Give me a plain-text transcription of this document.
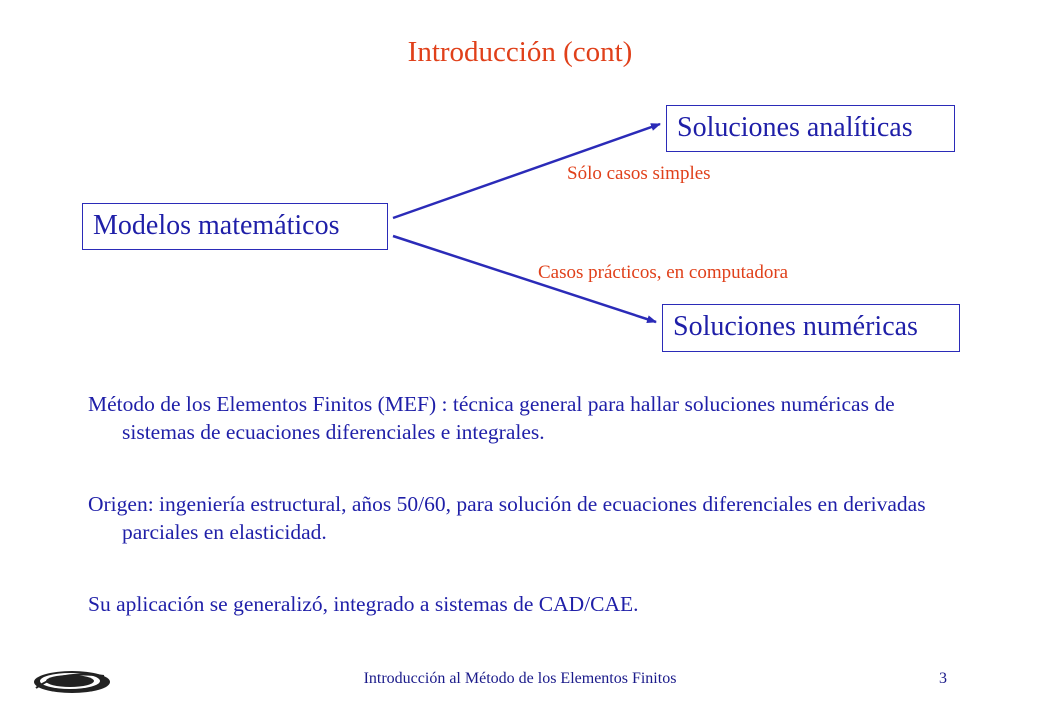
Introducción (cont)
Modelos matemáticos
Soluciones analíticas
Soluciones numéricas
Sólo casos simples
Casos prácticos, en computadora
Método de los Elementos Finitos (MEF) : técnica general para hallar soluciones numéricas de sistemas de ecuaciones diferenciales e integrales.
Origen: ingeniería estructural, años 50/60, para solución de ecuaciones diferenciales en derivadas parciales en elasticidad.
Su aplicación se generalizó, integrado a sistemas de CAD/CAE.
Introducción al Método de los Elementos Finitos	3
